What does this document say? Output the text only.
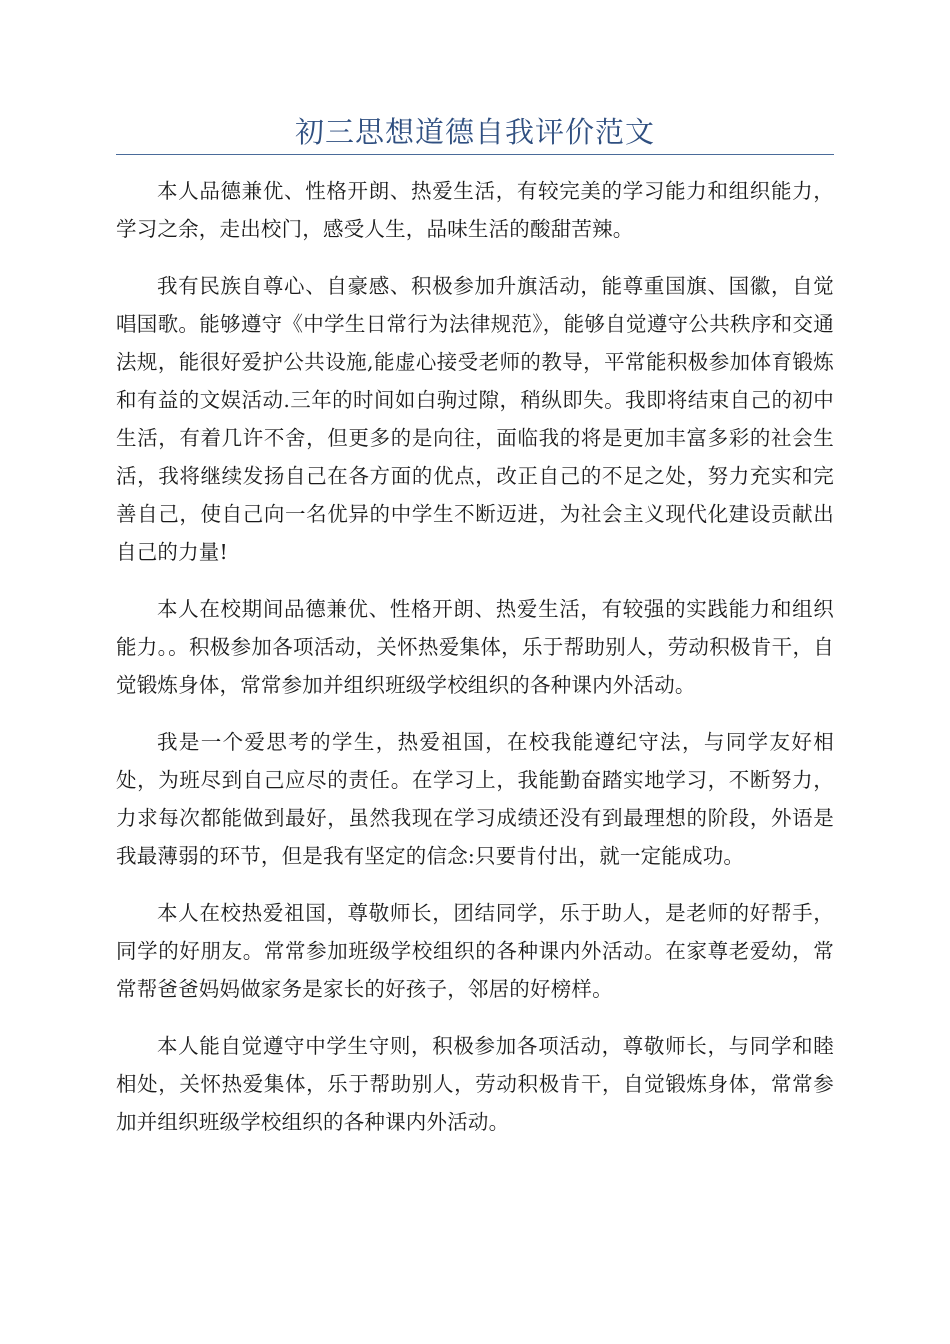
初三思想道德自我评价范文

本人品德兼优、性格开朗、热爱生活，有较完美的学习能力和组织能力，学习之余，走出校门，感受人生，品味生活的酸甜苦辣。

我有民族自尊心、自豪感、积极参加升旗活动，能尊重国旗、国徽，自觉唱国歌。能够遵守《中学生日常行为法律规范》，能够自觉遵守公共秩序和交通法规，能很好爱护公共设施,能虚心接受老师的教导，平常能积极参加体育锻炼和有益的文娱活动.三年的时间如白驹过隙，稍纵即失。我即将结束自己的初中生活，有着几许不舍，但更多的是向往，面临我的将是更加丰富多彩的社会生活，我将继续发扬自己在各方面的优点，改正自己的不足之处，努力充实和完善自己，使自己向一名优异的中学生不断迈进，为社会主义现代化建设贡献出自己的力量!

本人在校期间品德兼优、性格开朗、热爱生活，有较强的实践能力和组织能力。。积极参加各项活动，关怀热爱集体，乐于帮助别人，劳动积极肯干，自觉锻炼身体，常常参加并组织班级学校组织的各种课内外活动。

我是一个爱思考的学生，热爱祖国，在校我能遵纪守法，与同学友好相处，为班尽到自己应尽的责任。在学习上，我能勤奋踏实地学习，不断努力，力求每次都能做到最好，虽然我现在学习成绩还没有到最理想的阶段，外语是我最薄弱的环节，但是我有坚定的信念:只要肯付出，就一定能成功。

本人在校热爱祖国，尊敬师长，团结同学，乐于助人，是老师的好帮手，同学的好朋友。常常参加班级学校组织的各种课内外活动。在家尊老爱幼，常常帮爸爸妈妈做家务是家长的好孩子，邻居的好榜样。

本人能自觉遵守中学生守则，积极参加各项活动，尊敬师长，与同学和睦相处，关怀热爱集体，乐于帮助别人，劳动积极肯干，自觉锻炼身体，常常参加并组织班级学校组织的各种课内外活动。
